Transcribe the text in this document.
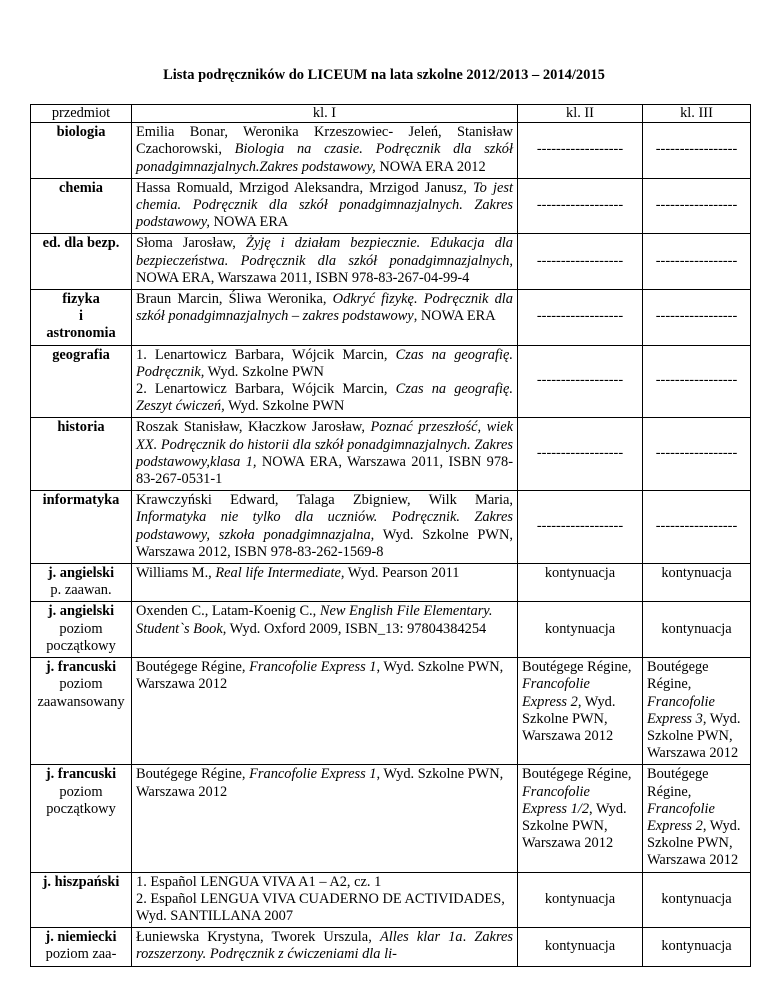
Lista podręczników do LICEUM na lata szkolne 2012/2013 – 2014/2015
przedmiot	kl. I	kl. II	kl. III
biologia	Emilia Bonar, Weronika Krzeszowiec- Jeleń, Stanisław Czachorowski, Biologia na czasie. Podręcznik dla szkół ponadgimnazjalnych.Zakres podstawowy, NOWA ERA 2012	------------------	-----------------
chemia	Hassa Romuald, Mrzigod Aleksandra, Mrzigod Janusz, To jest chemia. Podręcznik dla szkół ponadgimnazjalnych. Zakres podstawowy, NOWA ERA	------------------	-----------------
ed. dla bezp.	Słoma Jarosław, Żyję i działam bezpiecznie. Edukacja dla bezpieczeństwa. Podręcznik dla szkół ponadgimnazjalnych, NOWA ERA, Warszawa 2011, ISBN 978-83-267-04-99-4	------------------	-----------------

fizyka
i
astronomia	Braun Marcin, Śliwa Weronika, Odkryć fizykę. Podręcznik dla szkół ponadgimnazjalnych – zakres podstawowy, NOWA ERA	------------------	-----------------
geografia	1. Lenartowicz Barbara, Wójcik Marcin, Czas na geografię. Podręcznik, Wyd. Szkolne PWN
2. Lenartowicz Barbara, Wójcik Marcin, Czas na geografię. Zeszyt ćwiczeń, Wyd. Szkolne PWN	------------------	-----------------
historia	Roszak Stanisław, Kłaczkow Jarosław, Poznać przeszłość, wiek XX. Podręcznik do historii dla szkół ponadgimnazjalnych. Zakres podstawowy,klasa 1, NOWA ERA, Warszawa 2011, ISBN 978-83-267-0531-1	------------------	-----------------
informatyka	Krawczyński Edward, Talaga Zbigniew, Wilk Maria, Informatyka nie tylko dla uczniów. Podręcznik. Zakres podstawowy, szkoła ponadgimnazjalna, Wyd. Szkolne PWN, Warszawa 2012, ISBN 978-83-262-1569-8	------------------	-----------------

j. angielski
p. zaawan.	Williams M., Real life Intermediate, Wyd. Pearson 2011	kontynuacja	kontynuacja

j. angielski
poziom początkowy	Oxenden C., Latam-Koenig C., New English File Elementary. Student`s Book, Wyd. Oxford 2009, ISBN_13: 97804384254	kontynuacja	kontynuacja

j. francuski
poziom zaawansowany	Boutégege Régine, Francofolie Express 1, Wyd. Szkolne PWN, Warszawa 2012	Boutégege Régine, Francofolie Express 2, Wyd. Szkolne PWN, Warszawa 2012	Boutégege Régine, Francofolie Express 3, Wyd. Szkolne PWN, Warszawa 2012

j. francuski
poziom początkowy	Boutégege Régine, Francofolie Express 1, Wyd. Szkolne PWN, Warszawa 2012	Boutégege Régine, Francofolie Express 1/2, Wyd. Szkolne PWN, Warszawa 2012	Boutégege Régine, Francofolie Express 2, Wyd. Szkolne PWN, Warszawa 2012
j. hiszpański	1. Español LENGUA VIVA A1 – A2, cz. 1
2. Español LENGUA VIVA CUADERNO DE ACTIVIDADES, Wyd. SANTILLANA 2007	kontynuacja	kontynuacja

j. niemiecki
poziom zaa-	Łuniewska Krystyna, Tworek Urszula, Alles klar 1a. Zakres rozszerzony. Podręcznik z ćwiczeniami dla li-	kontynuacja	kontynuacja
